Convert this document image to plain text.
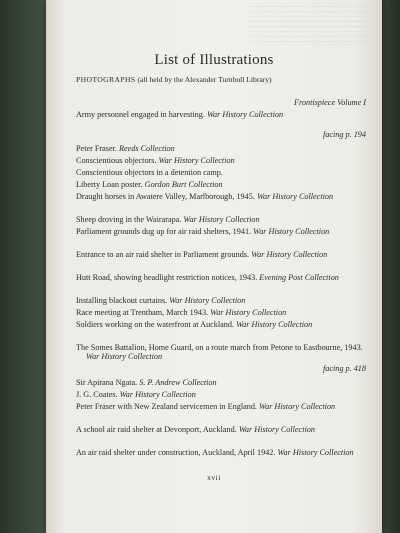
List of Illustrations
PHOTOGRAPHS (all held by the Alexander Turnbull Library)
Frontispiece Volume I
Army personnel engaged in harvesting. War History Collection
facing p. 194
Peter Fraser. Reeds Collection
Conscientious objectors. War History Collection
Conscientious objectors in a detention camp.
Liberty Loan poster. Gordon Burt Collection
Draught horses in Awatere Valley, Marlborough, 1945. War History Collection
Sheep droving in the Wairarapa. War History Collection
Parliament grounds dug up for air raid shelters, 1941. War History Collection
Entrance to an air raid shelter in Parliament grounds. War History Collection
Hutt Road, showing headlight restriction notices, 1943. Evening Post Collection
Installing blackout curtains. War History Collection
Race meeting at Trentham, March 1943. War History Collection
Soldiers working on the waterfront at Auckland. War History Collection
The Somes Battalion, Home Guard, on a route march from Petone to Eastbourne, 1943. War History Collection
facing p. 418
Sir Apirana Ngata. S. P. Andrew Collection
J. G. Coates. War History Collection
Peter Fraser with New Zealand servicemen in England. War History Collection
A school air raid shelter at Devonport, Auckland. War History Collection
An air raid shelter under construction, Auckland, April 1942. War History Collection
xvii
